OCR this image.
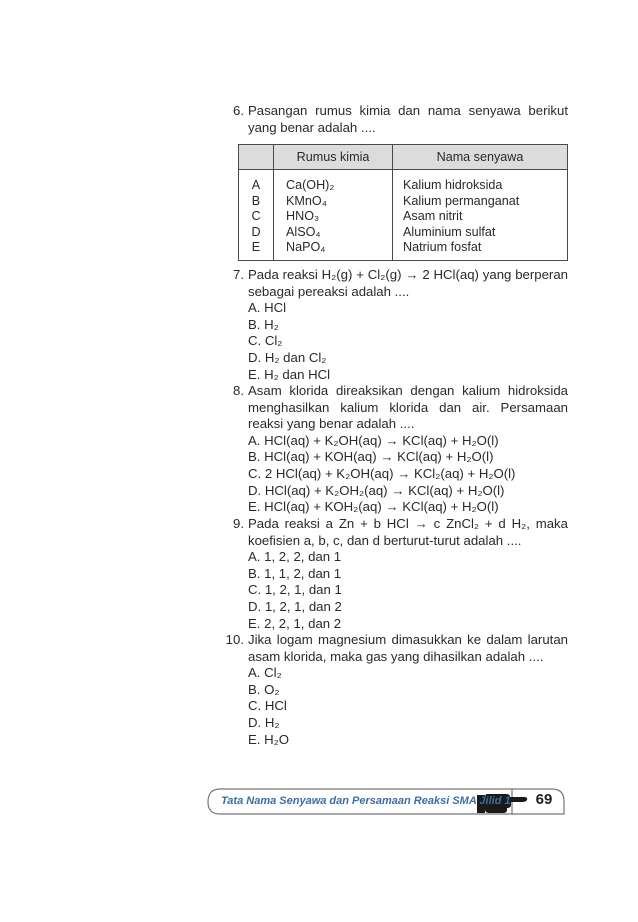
6. Pasangan rumus kimia dan nama senyawa berikut yang benar adalah ....

	Rumus kimia	Nama senyawa
A	Ca(OH)₂	Kalium hidroksida
B	KMnO₄	Kalium permanganat
C	HNO₃	Asam nitrit
D	AlSO₄	Aluminium sulfat
E	NaPO₄	Natrium fosfat
7. Pada reaksi H₂(g) + Cl₂(g) → 2 HCl(aq) yang berperan sebagai pereaksi adalah ....

A. HCl
B. H₂
C. Cl₂
D. H₂ dan Cl₂
E. H₂ dan HCl
8. Asam klorida direaksikan dengan kalium hidroksida menghasilkan kalium klorida dan air. Persamaan reaksi yang benar adalah ....

A. HCl(aq) + K₂OH(aq) → KCl(aq) + H₂O(l)
B. HCl(aq) + KOH(aq) → KCl(aq) + H₂O(l)
C. 2 HCl(aq) + K₂OH(aq) → KCl₂(aq) + H₂O(l)
D. HCl(aq) + K₂OH₂(aq) → KCl(aq) + H₂O(l)
E. HCl(aq) + KOH₂(aq) → KCl(aq) + H₂O(l)
9. Pada reaksi a Zn + b HCl → c ZnCl₂ + d H₂, maka koefisien a, b, c, dan d berturut-turut adalah ....

A. 1, 2, 2, dan 1
B. 1, 1, 2, dan 1
C. 1, 2, 1, dan 1
D. 1, 2, 1, dan 2
E. 2, 2, 1, dan 2
10. Jika logam magnesium dimasukkan ke dalam larutan asam klorida, maka gas yang dihasilkan adalah ....

A. Cl₂
B. O₂
C. HCl
D. H₂
E. H₂O
Tata Nama Senyawa dan Persamaan Reaksi SMA Jilid 1	69
